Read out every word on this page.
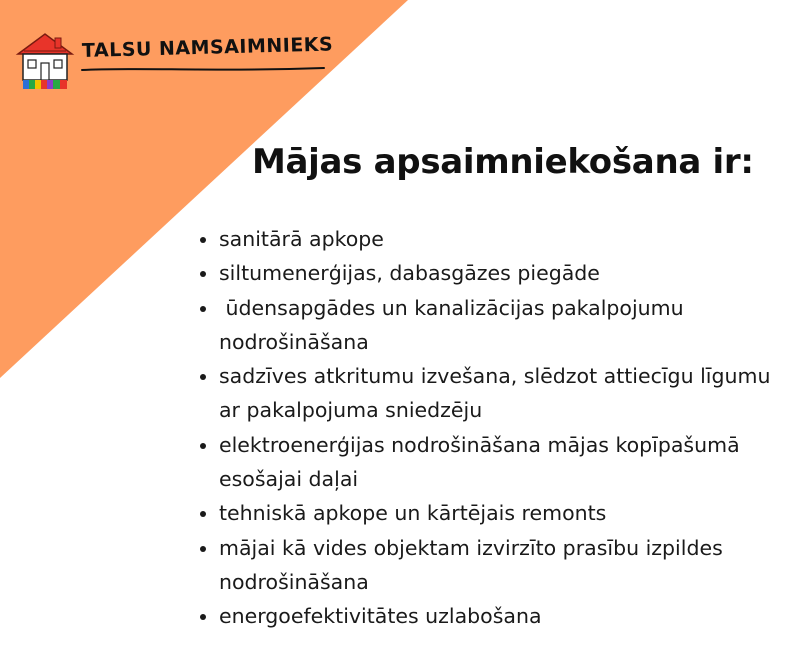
TALSU NAMSAIMNIEKS
Mājas apsaimniekošana ir:
sanitārā apkope
siltumenerģijas, dabasgāzes piegāde
ūdensapgādes un kanalizācijas pakalpojumu nodrošināšana
sadzīves atkritumu izvešana, slēdzot attiecīgu līgumu ar pakalpojuma sniedzēju
elektroenerģijas nodrošināšana mājas kopīpašumā esošajai daļai
tehniskā apkope un kārtējais remonts
mājai kā vides objektam izvirzīto prasību izpildes nodrošināšana
energoefektivitātes uzlabošana
